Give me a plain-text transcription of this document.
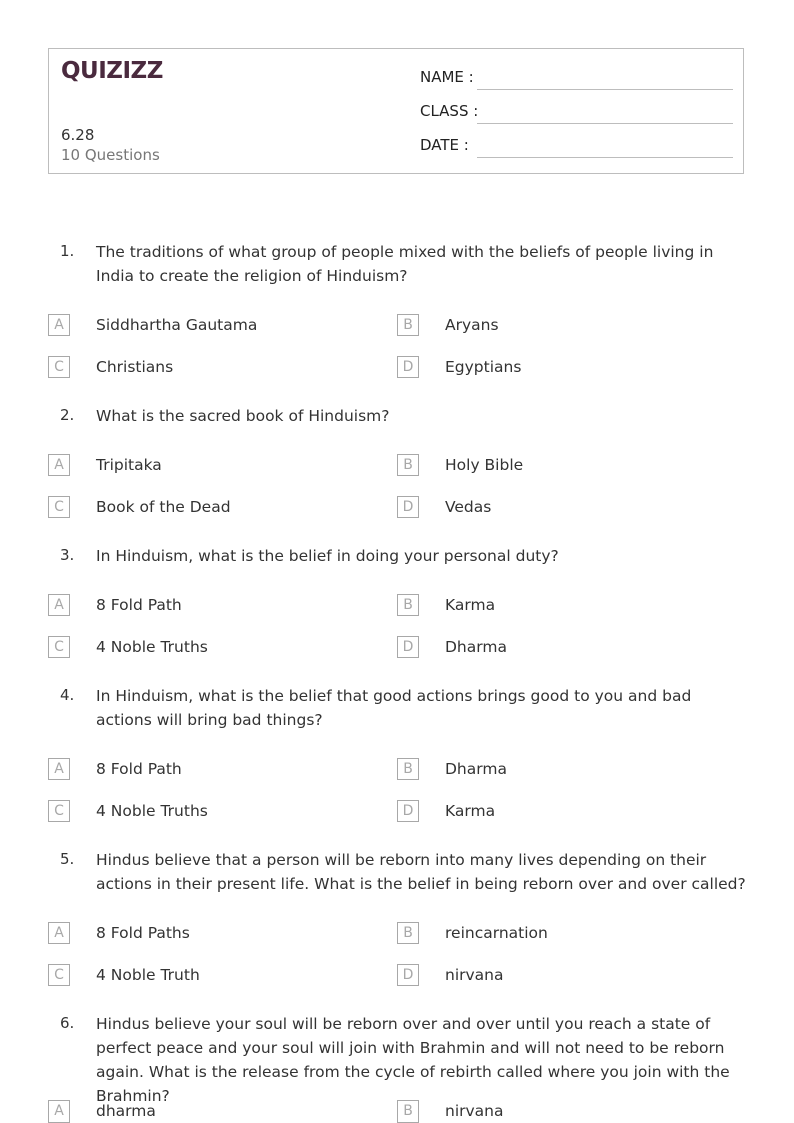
QUIZIZZ
6.28
10 Questions
NAME :
CLASS :
DATE :
1. The traditions of what group of people mixed with the beliefs of people living in India to create the religion of Hinduism?
A	Siddhartha Gautama	B	Aryans
C	Christians	D	Egyptians
2. What is the sacred book of Hinduism?
A	Tripitaka	B	Holy Bible
C	Book of the Dead	D	Vedas
3. In Hinduism, what is the belief in doing your personal duty?
A	8 Fold Path	B	Karma
C	4 Noble Truths	D	Dharma
4. In Hinduism, what is the belief that good actions brings good to you and bad actions will bring bad things?
A	8 Fold Path	B	Dharma
C	4 Noble Truths	D	Karma
5. Hindus believe that a person will be reborn into many lives depending on their actions in their present life. What is the belief in being reborn over and over called?
A	8 Fold Paths	B	reincarnation
C	4 Noble Truth	D	nirvana
6. Hindus believe your soul will be reborn over and over until you reach a state of perfect peace and your soul will join with Brahmin and will not need to be reborn again. What is the release from the cycle of rebirth called where you join with the Brahmin?
A	dharma	B	nirvana
